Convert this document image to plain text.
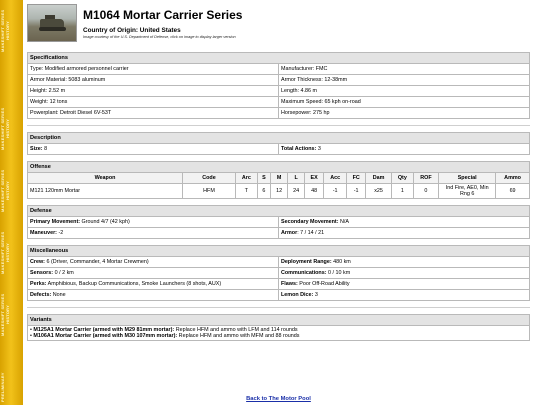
MAKESHIFT SERIES HISTORY
MAKESHIFT SERIES HISTORY
MAKESHIFT SERIES HISTORY
MAKESHIFT SERIES HISTORY
MAKESHIFT SERIES HISTORY
PRELIMINARY
M1064 Mortar Carrier Series
Country of Origin: United States
Image courtesy of the U.S. Department of Defense, click on image to display larger version
Specifications	
Type: Modified armored personnel carrier	Manufacturer: FMC
Armor Material: 5083 aluminum	Armor Thickness: 12-38mm
Height: 2.52 m	Length: 4.86 m
Weight: 12 tons	Maximum Speed: 65 kph on-road
Powerplant: Detroit Diesel 6V-53T	Horsepower: 275 hp
Description
Size: 8	Total Actions: 3
Offense													
Weapon	Code	Arc	S	M	L	EX	Acc	FC	Dam	Qty	ROF	Special	Ammo
M121 120mm Mortar	HFM	T	6	12	24	48	-1	-1	x25	1	0	Ind Fire, AE0, Min Rng 6	69
Defense	
Primary Movement: Ground 4/7 (42 kph)	Secondary Movement: N/A
Maneuver: -2	Armor: 7 / 14 / 21
Miscellaneous	
Crew: 6 (Driver, Commander, 4 Mortar Crewmen)	Deployment Range: 480 km
Sensors: 0 / 2 km	Communications: 0 / 10 km
Perks: Amphibious, Backup Communications, Smoke Launchers (8 shots, AUX)	Flaws: Poor Off-Road Ability
Defects: None	Lemon Dice: 3
Variants

• M125A1 Mortar Carrier (armed with M29 81mm mortar): Replace HFM and ammo with LFM and 114 rounds
• M106A1 Mortar Carrier (armed with M30 107mm mortar): Replace HFM and ammo with MFM and 88 rounds
Back to The Motor Pool
